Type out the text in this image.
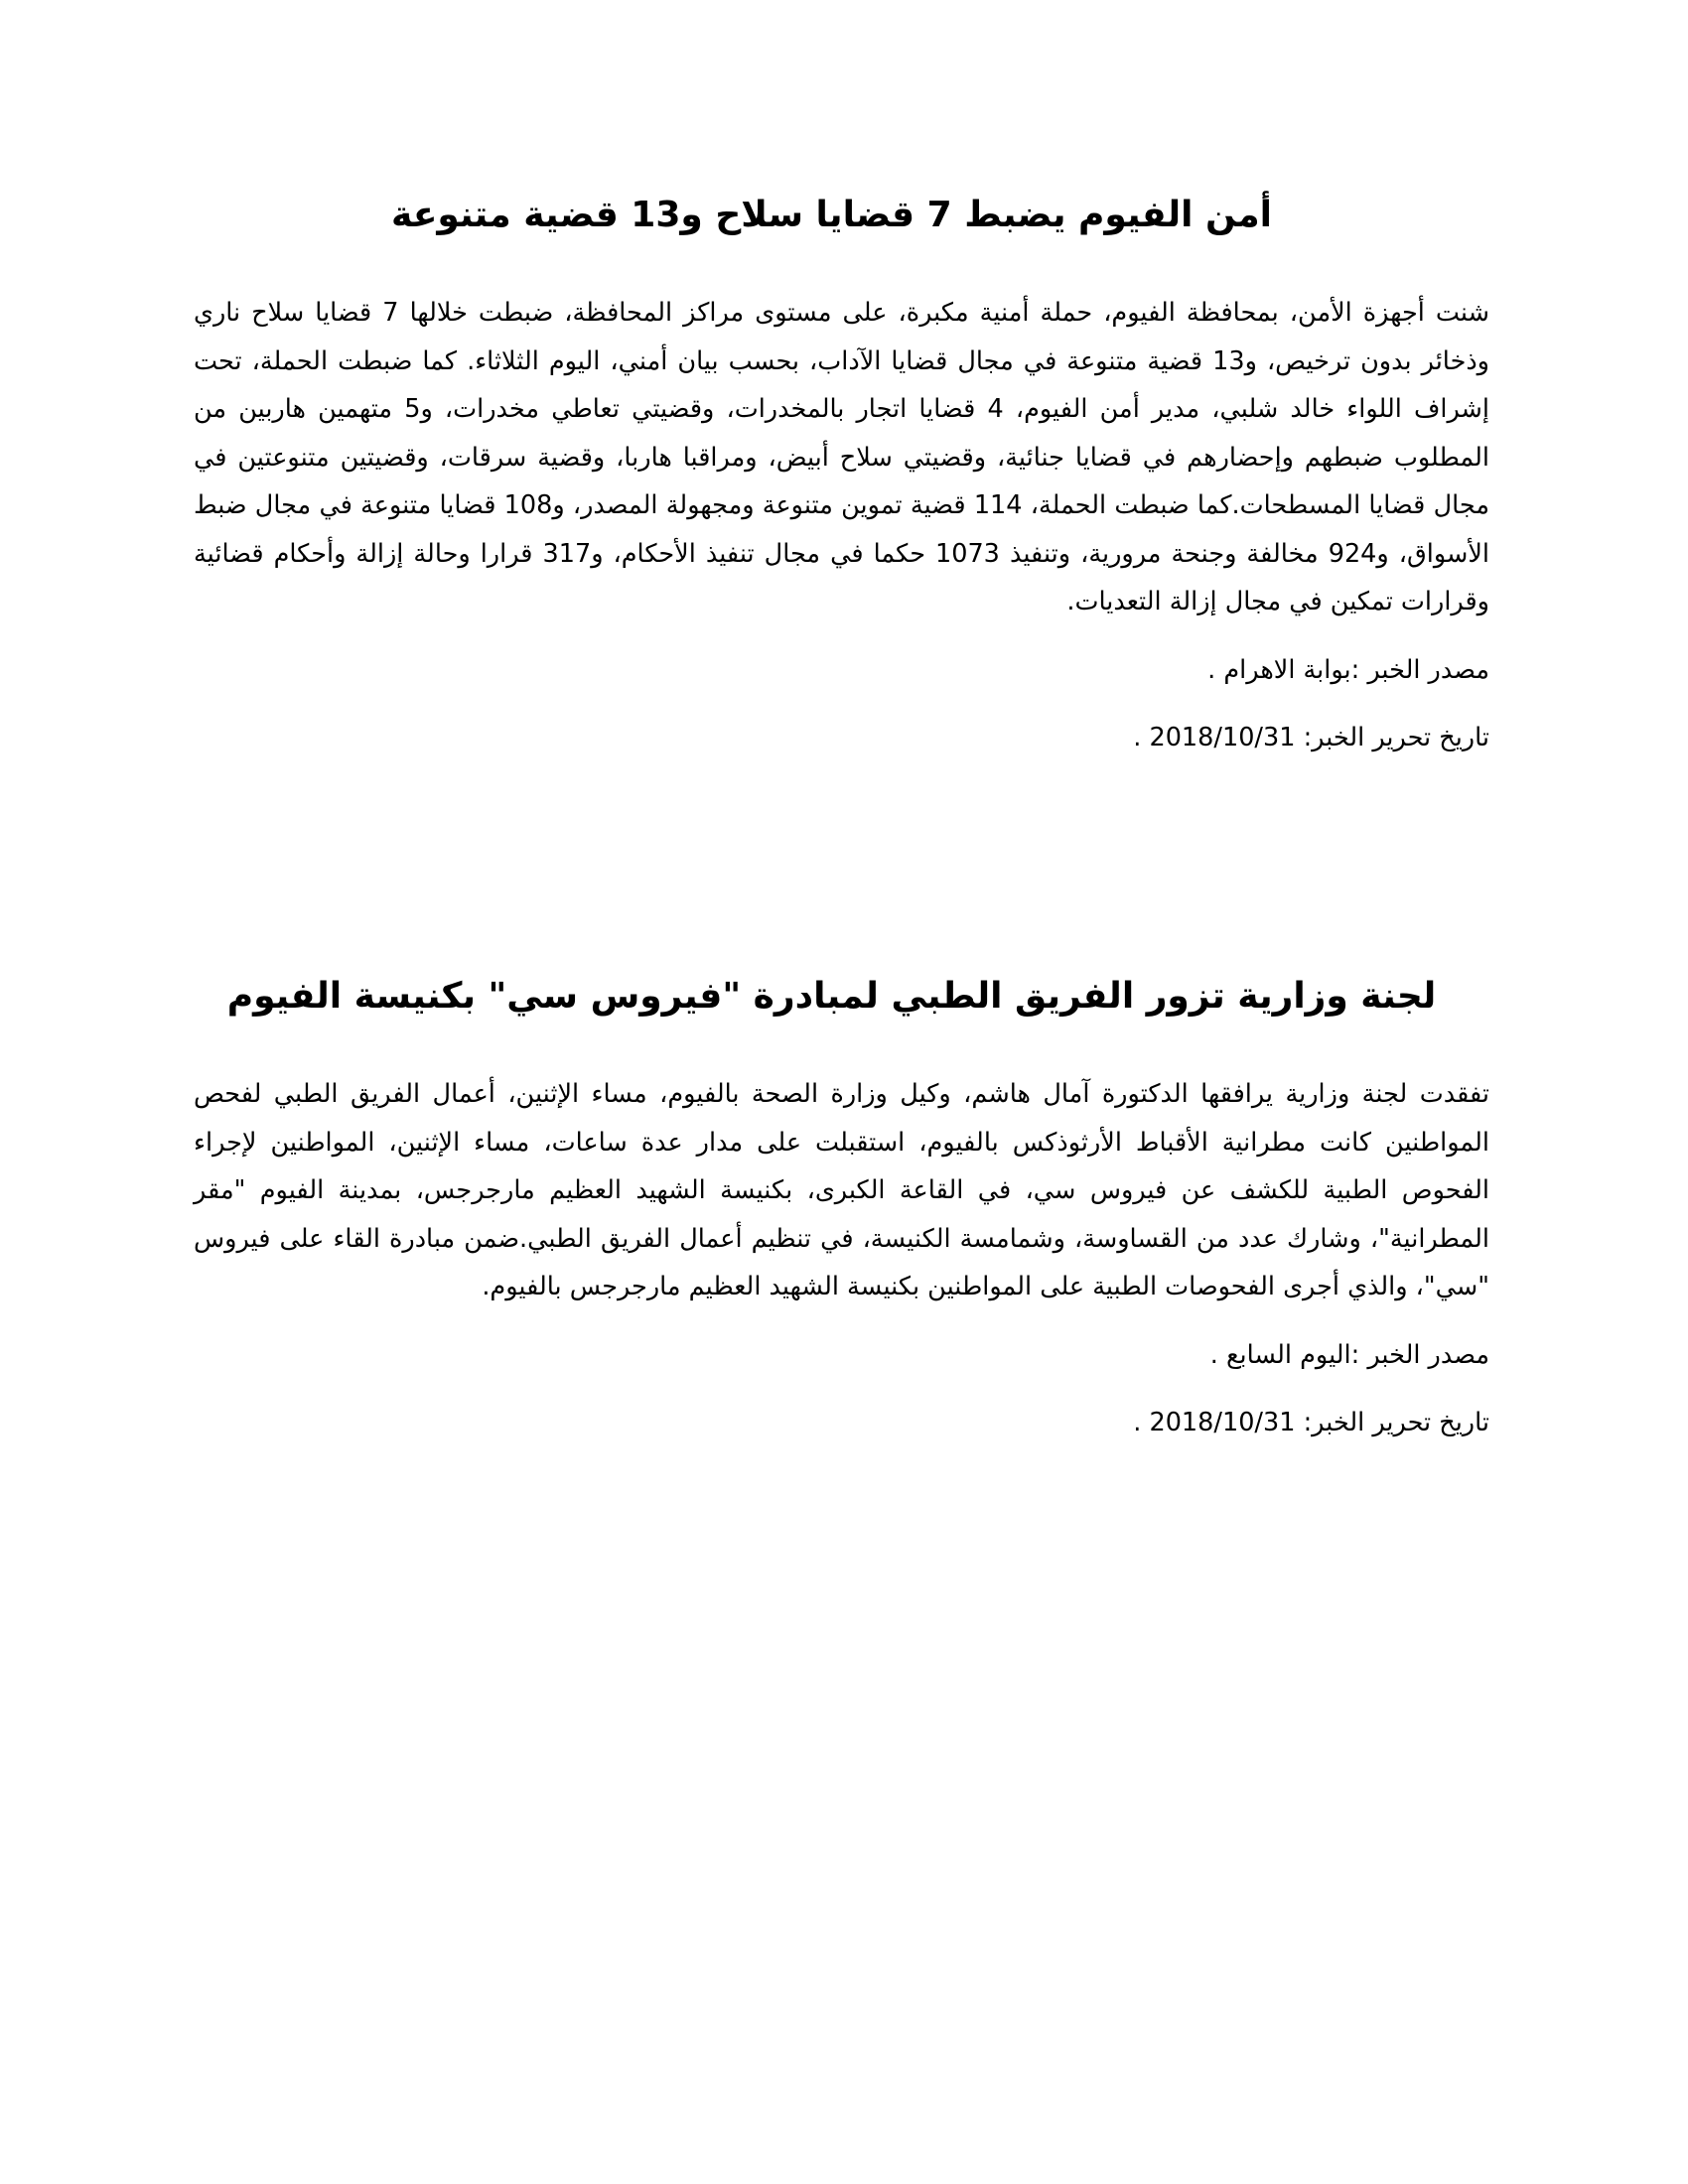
أمن الفيوم يضبط 7 قضايا سلاح و13 قضية متنوعة

شنت أجهزة الأمن، بمحافظة الفيوم، حملة أمنية مكبرة، على مستوى مراكز المحافظة، ضبطت خلالها 7 قضايا سلاح ناري وذخائر بدون ترخيص، و13 قضية متنوعة في مجال قضايا الآداب، بحسب بيان أمني، اليوم الثلاثاء. كما ضبطت الحملة، تحت إشراف اللواء خالد شلبي، مدير أمن الفيوم، 4 قضايا اتجار بالمخدرات، وقضيتي تعاطي مخدرات، و5 متهمين هاربين من المطلوب ضبطهم وإحضارهم في قضايا جنائية، وقضيتي سلاح أبيض، ومراقبا هاربا، وقضية سرقات، وقضيتين متنوعتين في مجال قضايا المسطحات.كما ضبطت الحملة، 114 قضية تموين متنوعة ومجهولة المصدر، و108 قضايا متنوعة في مجال ضبط الأسواق، و924 مخالفة وجنحة مرورية، وتنفيذ 1073 حكما في مجال تنفيذ الأحكام، و317 قرارا وحالة إزالة وأحكام قضائية وقرارات تمكين في مجال إزالة التعديات.

مصدر الخبر :بوابة الاهرام .

تاريخ تحرير الخبر: 2018/10/31 .

لجنة وزارية تزور الفريق الطبي لمبادرة "فيروس سي" بكنيسة الفيوم

تفقدت لجنة وزارية يرافقها الدكتورة آمال هاشم، وكيل وزارة الصحة بالفيوم، مساء الإثنين، أعمال الفريق الطبي لفحص المواطنين كانت مطرانية الأقباط الأرثوذكس بالفيوم، استقبلت على مدار عدة ساعات، مساء الإثنين، المواطنين لإجراء الفحوص الطبية للكشف عن فيروس سي، في القاعة الكبرى، بكنيسة الشهيد العظيم مارجرجس، بمدينة الفيوم "مقر المطرانية"، وشارك عدد من القساوسة، وشمامسة الكنيسة، في تنظيم أعمال الفريق الطبي.ضمن مبادرة القاء على فيروس "سي"، والذي أجرى الفحوصات الطبية على المواطنين بكنيسة الشهيد العظيم مارجرجس بالفيوم.

مصدر الخبر :اليوم السابع .

تاريخ تحرير الخبر: 2018/10/31 .
